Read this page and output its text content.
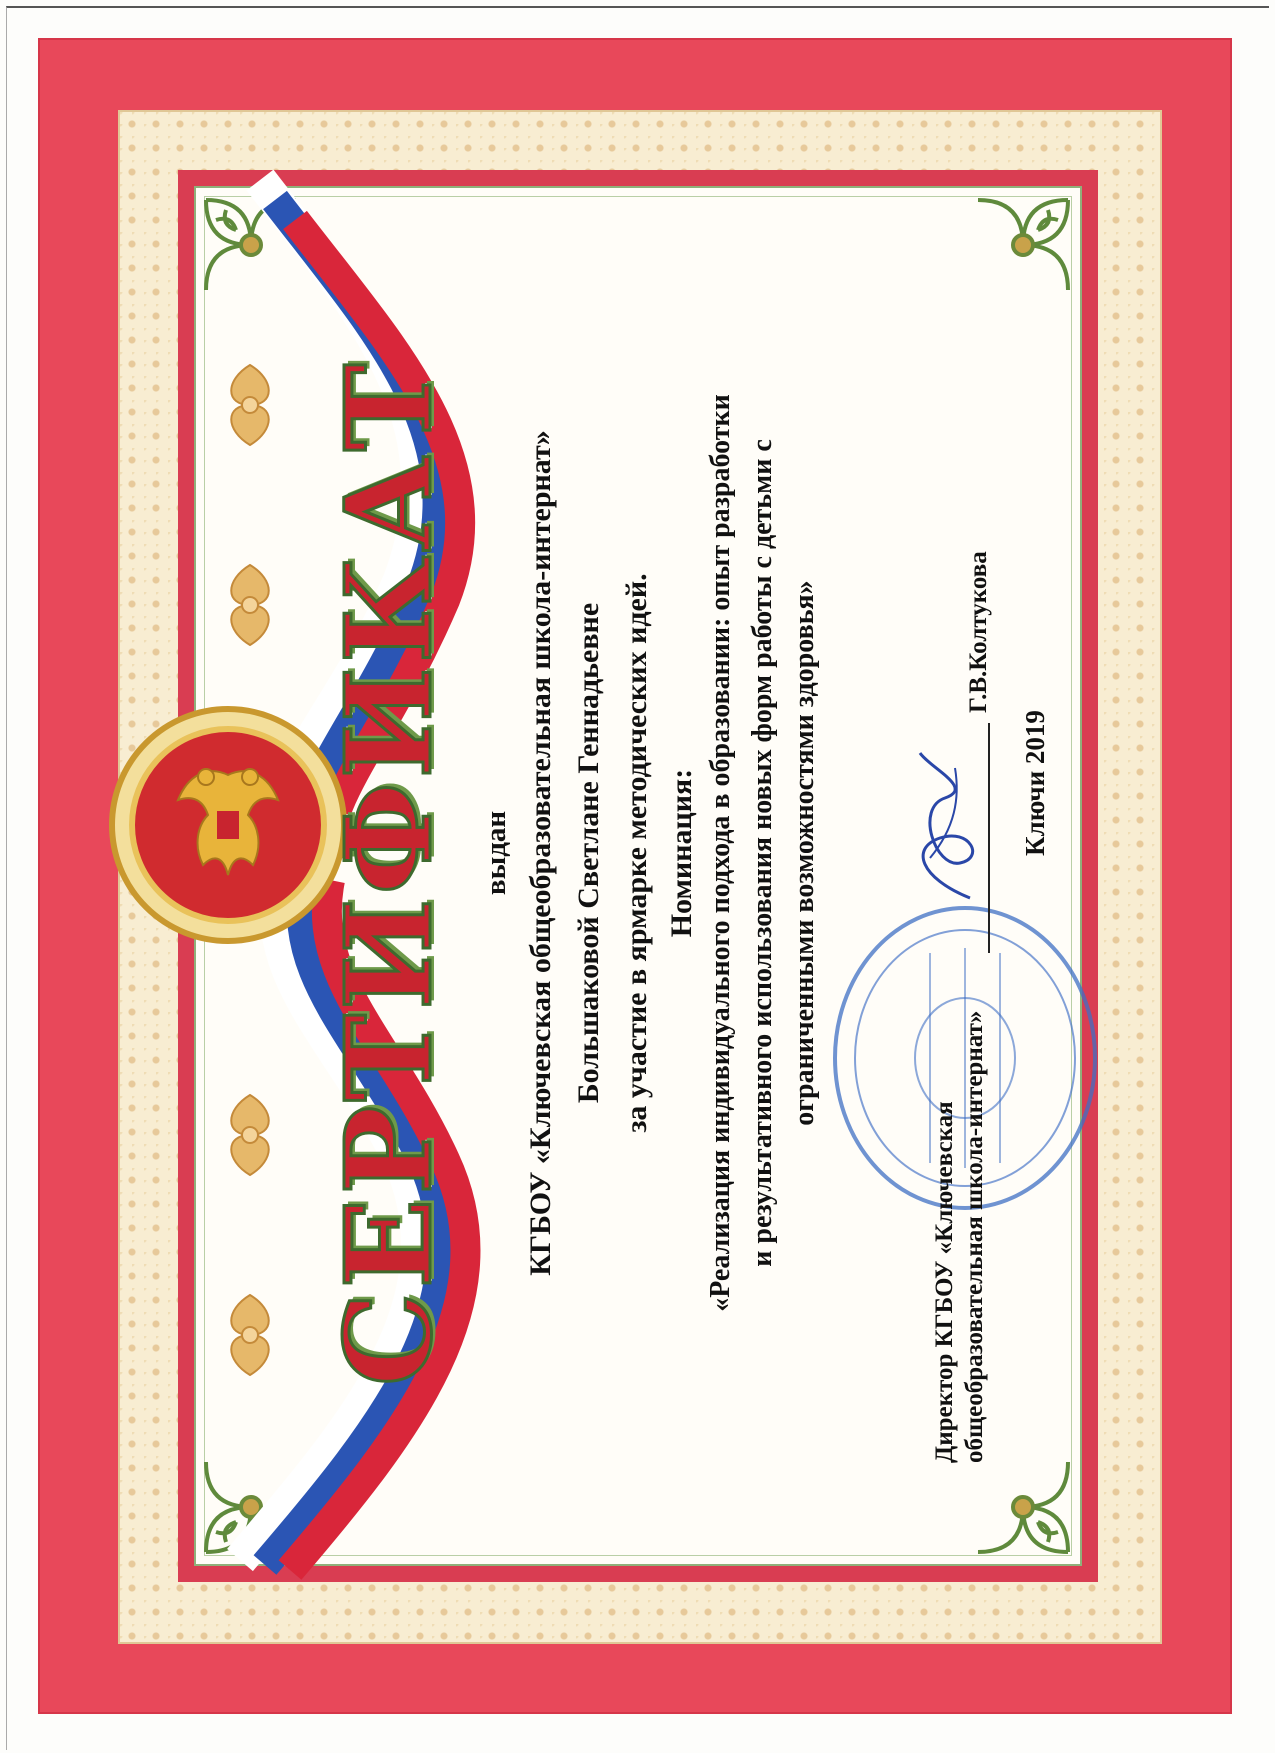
СЕРТИФИКАТ выдан КГБОУ «Ключевская общеобразовательная школа-интернат» Большаковой Светлане Геннадьевне за участие в ярмарке методических идей. Номинация: «Реализация индивидуального подхода в образовании: опыт разработки и результативного использования новых форм работы с детьми с ограниченными возможностями здоровья»
Директор КГБОУ «Ключевская общеобразовательная школа-интернат»
Г.В.Колтукова
Ключи 2019
